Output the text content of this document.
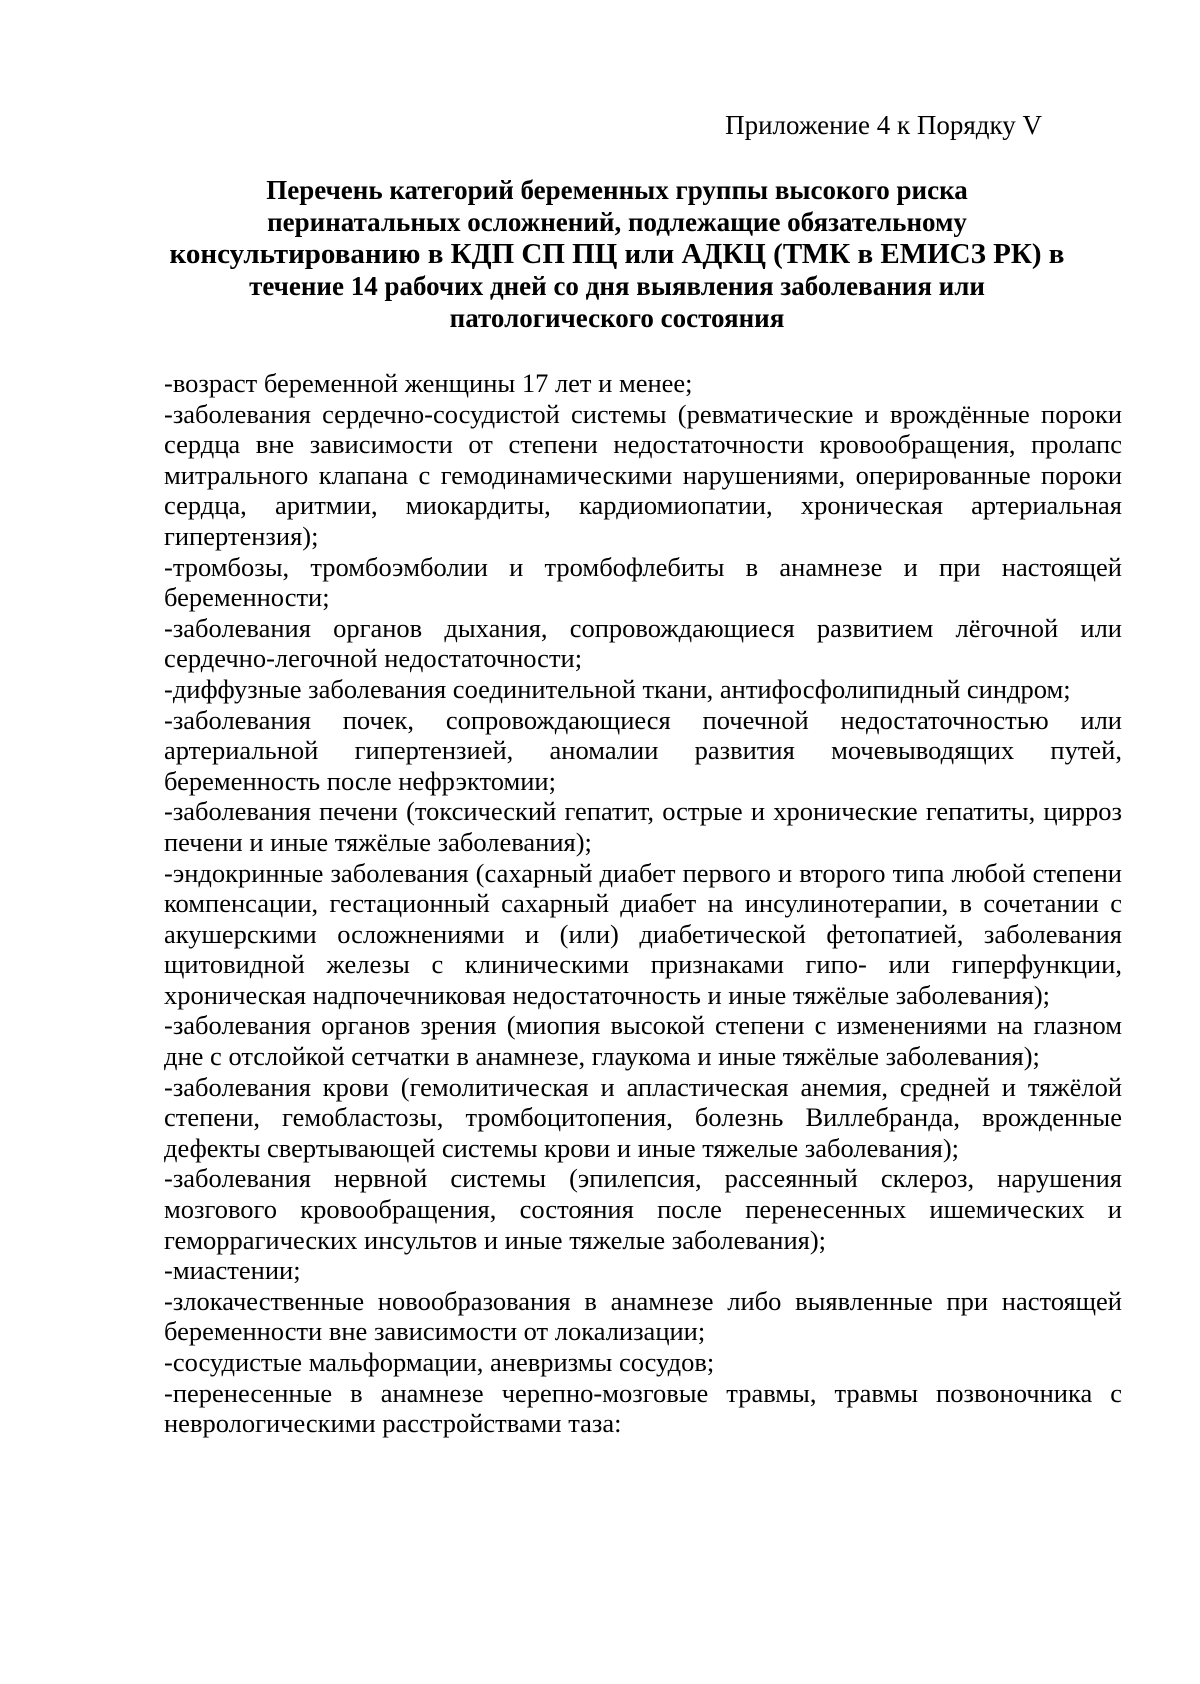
Приложение 4 к Порядку V
Перечень категорий беременных группы высокого риска
перинатальных осложнений, подлежащие обязательному
консультированию в КДП СП ПЦ или АДКЦ (ТМК в ЕМИСЗ РК) в
течение 14 рабочих дней со дня выявления заболевания или
патологического состояния

-возраст беременной женщины 17 лет и менее;

-заболевания сердечно-сосудистой системы (ревматические и врождённые пороки сердца вне зависимости от степени недостаточности кровообращения, пролапс митрального клапана с гемодинамическими нарушениями, оперированные пороки сердца, аритмии, миокардиты, кардиомиопатии, хроническая артериальная гипертензия);

-тромбозы, тромбоэмболии и тромбофлебиты в анамнезе и при настоящей беременности;

-заболевания органов дыхания, сопровождающиеся развитием лёгочной или сердечно-легочной недостаточности;

-диффузные заболевания соединительной ткани, антифосфолипидный синдром;

-заболевания почек, сопровождающиеся почечной недостаточностью или артериальной гипертензией, аномалии развития мочевыводящих путей, беременность после нефрэктомии;

-заболевания печени (токсический гепатит, острые и хронические гепатиты, цирроз печени и иные тяжёлые заболевания);

-эндокринные заболевания (сахарный диабет первого и второго типа любой степени компенсации, гестационный сахарный диабет на инсулинотерапии, в сочетании с акушерскими осложнениями и (или) диабетической фетопатией, заболевания щитовидной железы с клиническими признаками гипо- или гиперфункции, хроническая надпочечниковая недостаточность и иные тяжёлые заболевания);

-заболевания органов зрения (миопия высокой степени с изменениями на глазном дне с отслойкой сетчатки в анамнезе, глаукома и иные тяжёлые заболевания);

-заболевания крови (гемолитическая и апластическая анемия, средней и тяжёлой степени, гемобластозы, тромбоцитопения, болезнь Виллебранда, врожденные дефекты свертывающей системы крови и иные тяжелые заболевания);

-заболевания нервной системы (эпилепсия, рассеянный склероз, нарушения мозгового кровообращения, состояния после перенесенных ишемических и геморрагических инсультов и иные тяжелые заболевания);

-миастении;

-злокачественные новообразования в анамнезе либо выявленные при настоящей беременности вне зависимости от локализации;

-сосудистые мальформации, аневризмы сосудов;

-перенесенные в анамнезе черепно-мозговые травмы, травмы позвоночника с неврологическими расстройствами таза:
